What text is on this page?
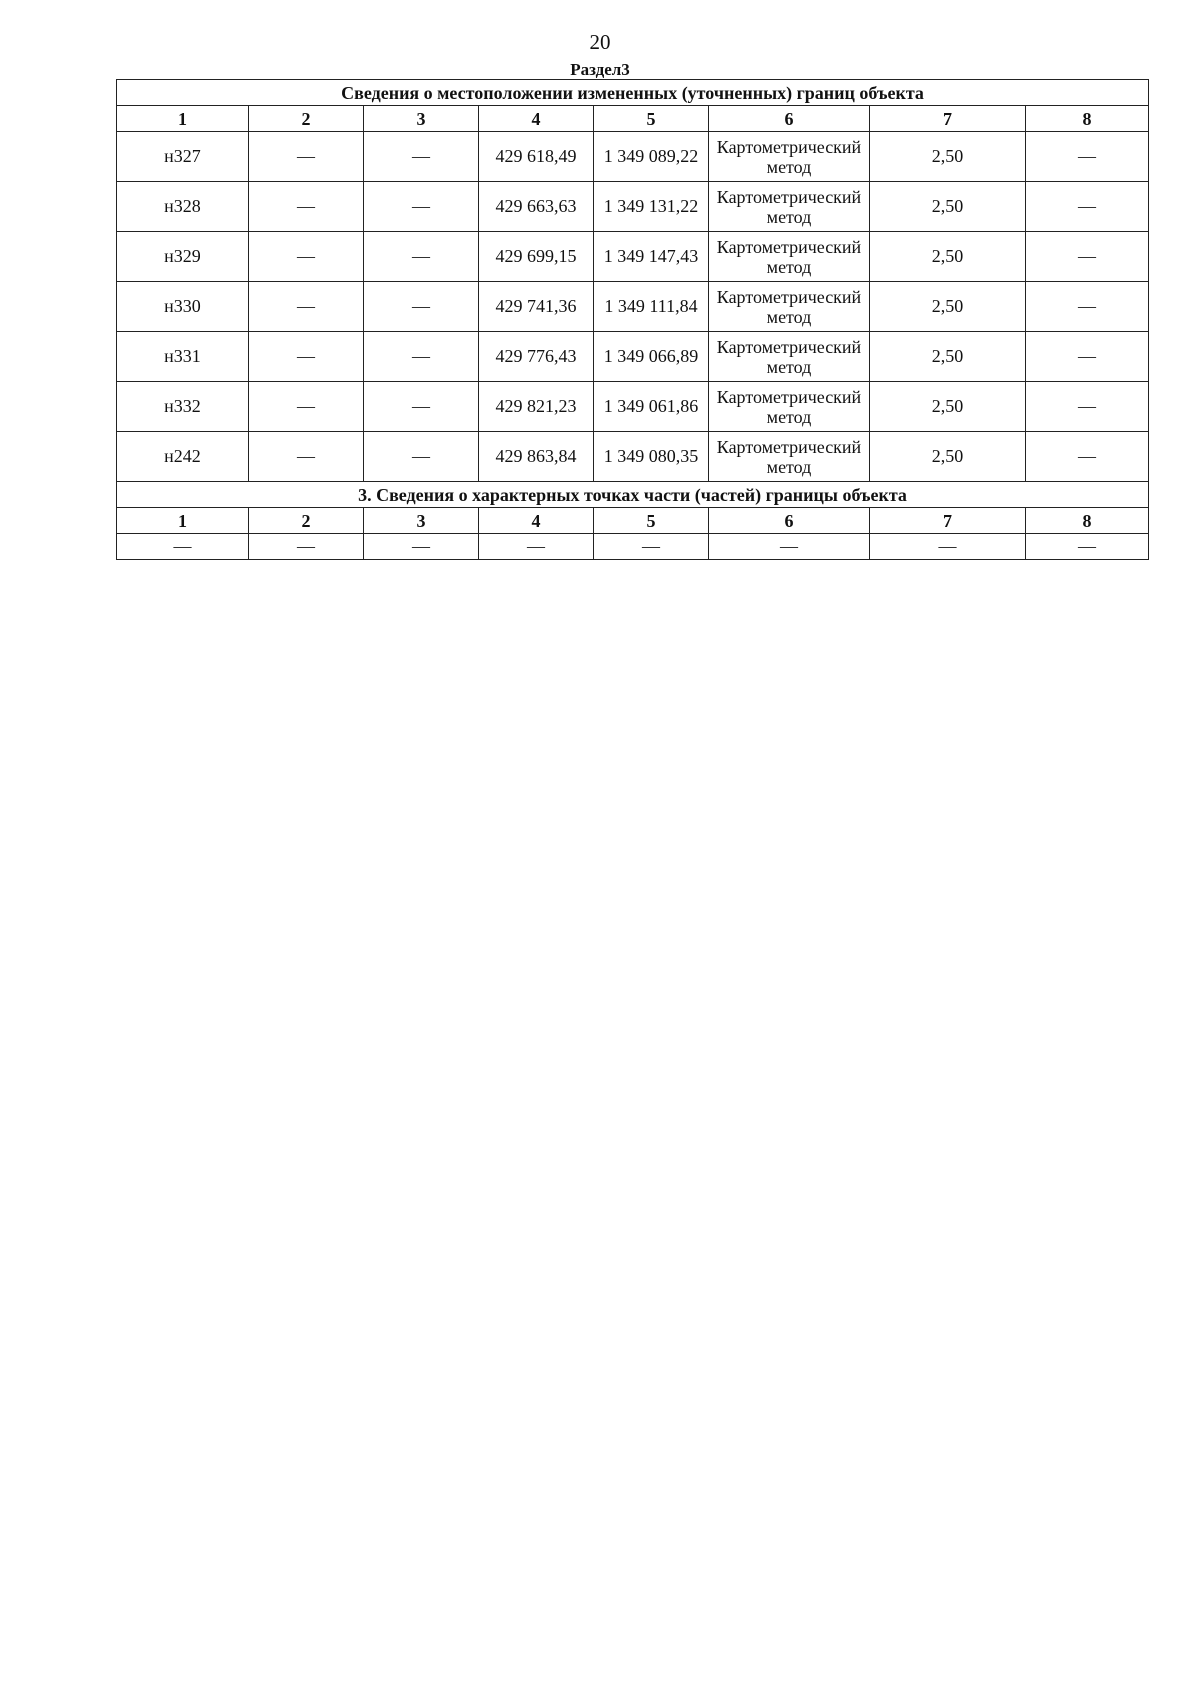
20
Раздел3
Сведения о местоположении измененных (уточненных) границ объекта							
1	2	3	4	5	6	7	8
н327	—	—	429 618,49	1 349 089,22	Картометрический метод	2,50	—
н328	—	—	429 663,63	1 349 131,22	Картометрический метод	2,50	—
н329	—	—	429 699,15	1 349 147,43	Картометрический метод	2,50	—
н330	—	—	429 741,36	1 349 111,84	Картометрический метод	2,50	—
н331	—	—	429 776,43	1 349 066,89	Картометрический метод	2,50	—
н332	—	—	429 821,23	1 349 061,86	Картометрический метод	2,50	—
н242	—	—	429 863,84	1 349 080,35	Картометрический метод	2,50	—
3. Сведения о характерных точках части (частей) границы объекта							
1	2	3	4	5	6	7	8
—	—	—	—	—	—	—	—
